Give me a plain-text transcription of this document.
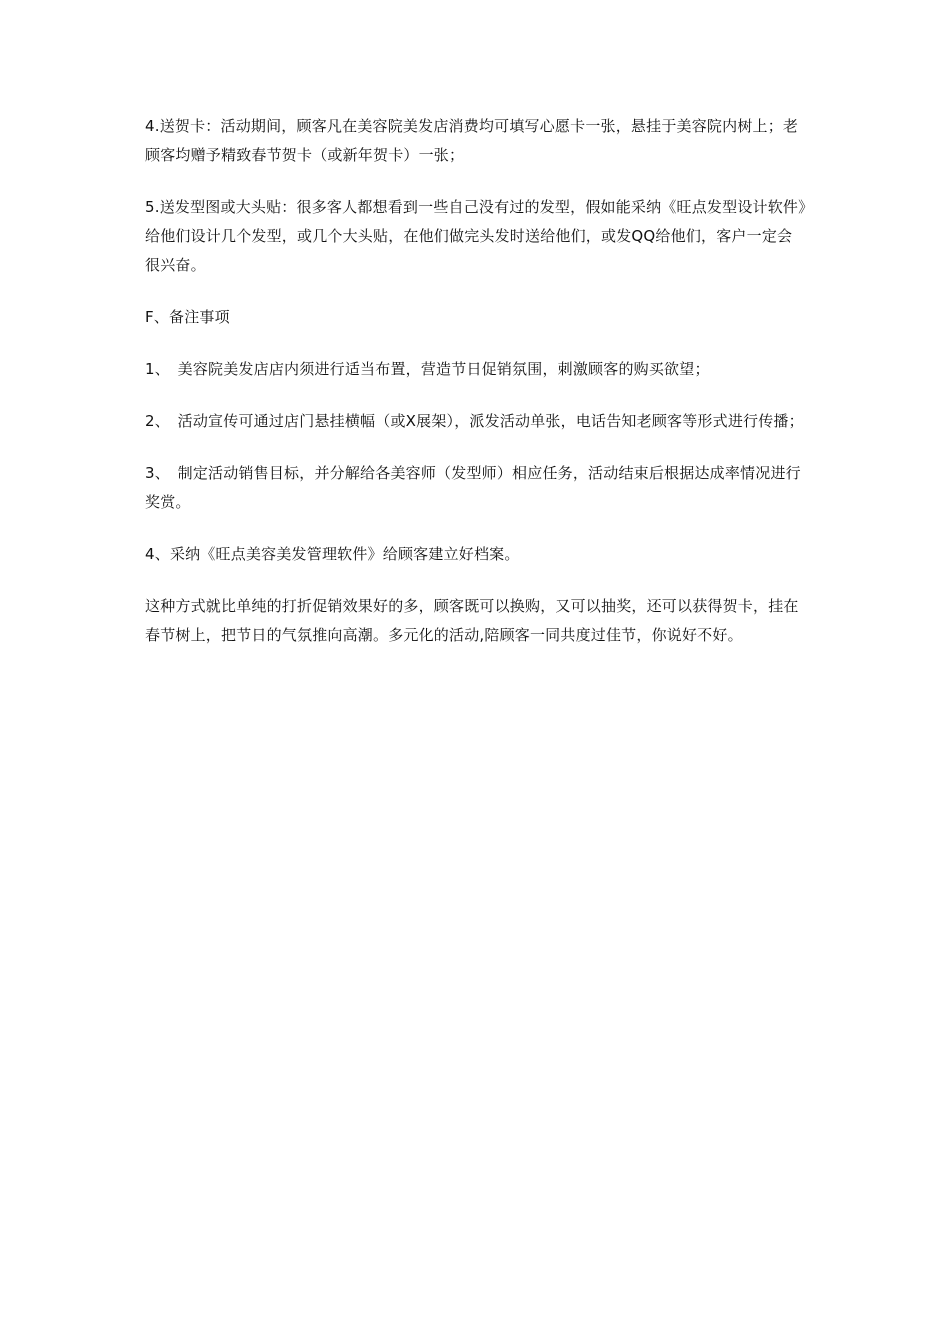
4.送贺卡：活动期间，顾客凡在美容院美发店消费均可填写心愿卡一张，悬挂于美容院内树上；老顾客均赠予精致春节贺卡（或新年贺卡）一张；

5.送发型图或大头贴：很多客人都想看到一些自己没有过的发型，假如能采纳《旺点发型设计软件》给他们设计几个发型，或几个大头贴，在他们做完头发时送给他们，或发QQ给他们，客户一定会很兴奋。

F、备注事项

1、　美容院美发店店内须进行适当布置，营造节日促销氛围，刺激顾客的购买欲望；

2、　活动宣传可通过店门悬挂横幅（或X展架），派发活动单张，电话告知老顾客等形式进行传播；

3、　制定活动销售目标，并分解给各美容师（发型师）相应任务，活动结束后根据达成率情况进行奖赏。

4、采纳《旺点美容美发管理软件》给顾客建立好档案。

这种方式就比单纯的打折促销效果好的多，顾客既可以换购，又可以抽奖，还可以获得贺卡，挂在春节树上，把节日的气氛推向高潮。多元化的活动,陪顾客一同共度过佳节，你说好不好。
